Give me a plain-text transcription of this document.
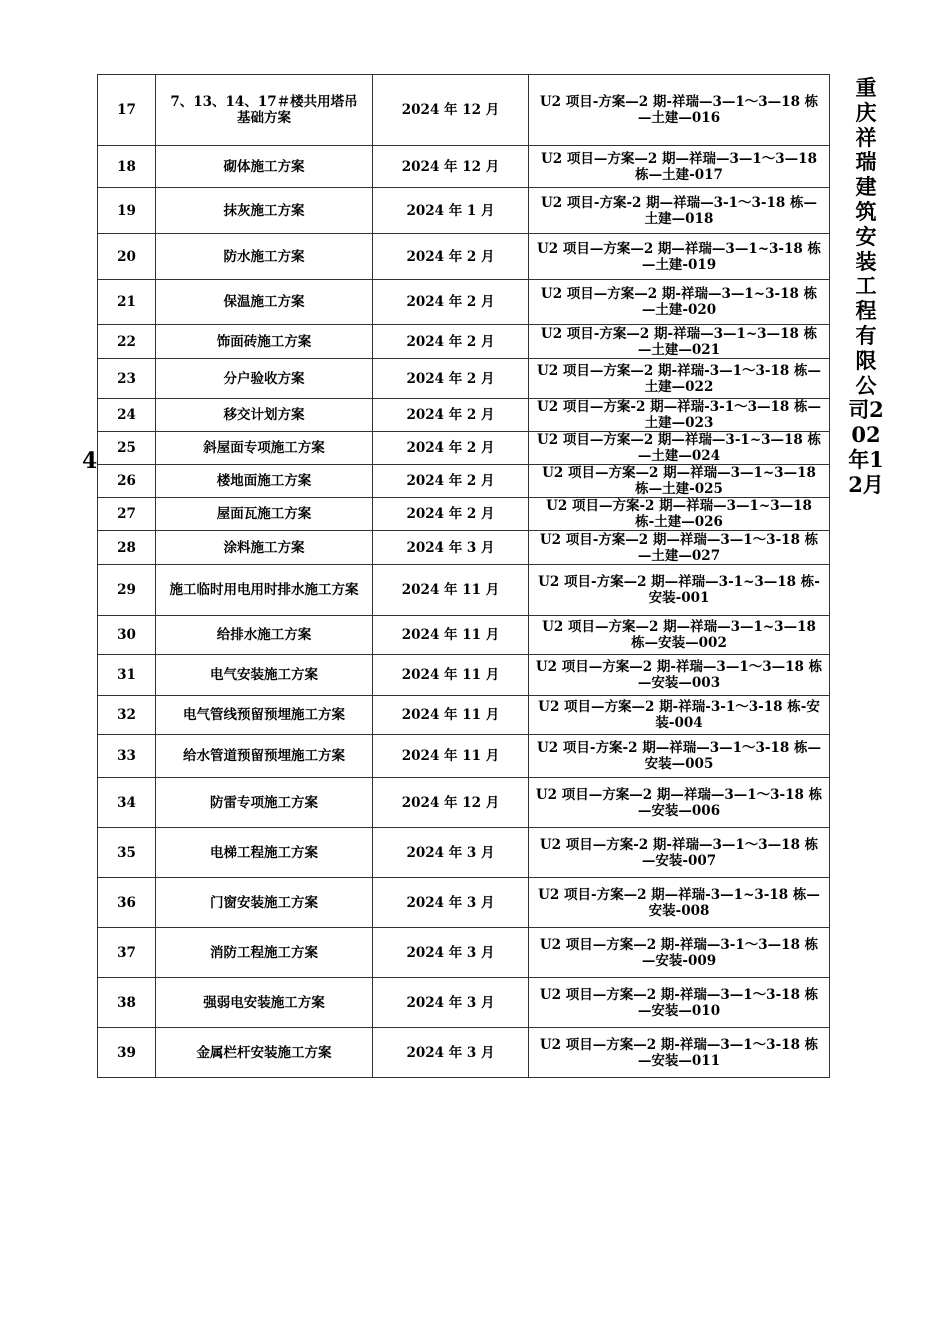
4
重庆祥瑞建筑安装工程有限公司202年12月
17	7、13、14、17＃楼共用塔吊基础方案	2024 年 12 月	U2 项目-方案—2 期-祥瑞—3—1～3—18 栋—土建—016
18	砌体施工方案	2024 年 12 月	U2 项目—方案—2 期—祥瑞—3—1～3—18 栋—土建-017
19	抹灰施工方案	2024 年 1 月	U2 项目-方案-2 期—祥瑞—3-1～3-18 栋—土建—018
20	防水施工方案	2024 年 2 月	U2 项目—方案—2 期—祥瑞—3—1~3-18 栋—土建-019
21	保温施工方案	2024 年 2 月	U2 项目—方案—2 期-祥瑞—3—1~3-18 栋—土建-020
22	饰面砖施工方案	2024 年 2 月	U2 项目-方案—2 期-祥瑞—3—1~3—18 栋—土建—021
23	分户验收方案	2024 年 2 月	U2 项目—方案—2 期-祥瑞-3—1～3-18 栋—土建—022
24	移交计划方案	2024 年 2 月	U2 项目—方案-2 期—祥瑞-3-1～3—18 栋—土建—023
25	斜屋面专项施工方案	2024 年 2 月	U2 项目—方案—2 期—祥瑞—3-1~3—18 栋—土建—024
26	楼地面施工方案	2024 年 2 月	U2 项目—方案—2 期—祥瑞—3—1~3—18 栋—土建-025
27	屋面瓦施工方案	2024 年 2 月	U2 项目—方案-2 期—祥瑞—3—1~3—18 栋-土建—026
28	涂料施工方案	2024 年 3 月	U2 项目-方案—2 期—祥瑞—3—1～3-18 栋—土建—027
29	施工临时用电用时排水施工方案	2024 年 11 月	U2 项目-方案—2 期—祥瑞—3-1~3—18 栋-安装-001
30	给排水施工方案	2024 年 11 月	U2 项目—方案—2 期—祥瑞—3—1~3—18 栋—安装—002
31	电气安装施工方案	2024 年 11 月	U2 项目—方案—2 期-祥瑞—3—1～3—18 栋—安装—003
32	电气管线预留预埋施工方案	2024 年 11 月	U2 项目—方案—2 期-祥瑞-3-1～3-18 栋-安装-004
33	给水管道预留预埋施工方案	2024 年 11 月	U2 项目-方案-2 期—祥瑞—3—1～3-18 栋—安装—005
34	防雷专项施工方案	2024 年 12 月	U2 项目—方案—2 期—祥瑞—3—1～3-18 栋—安装—006
35	电梯工程施工方案	2024 年 3 月	U2 项目—方案-2 期-祥瑞—3—1～3—18 栋—安装-007
36	门窗安装施工方案	2024 年 3 月	U2 项目-方案—2 期—祥瑞-3—1~3-18 栋—安装-008
37	消防工程施工方案	2024 年 3 月	U2 项目—方案—2 期-祥瑞—3-1～3—18 栋—安装-009
38	强弱电安装施工方案	2024 年 3 月	U2 项目—方案—2 期-祥瑞—3—1～3-18 栋—安装—010
39	金属栏杆安装施工方案	2024 年 3 月	U2 项目—方案—2 期-祥瑞—3—1～3-18 栋—安装—011
